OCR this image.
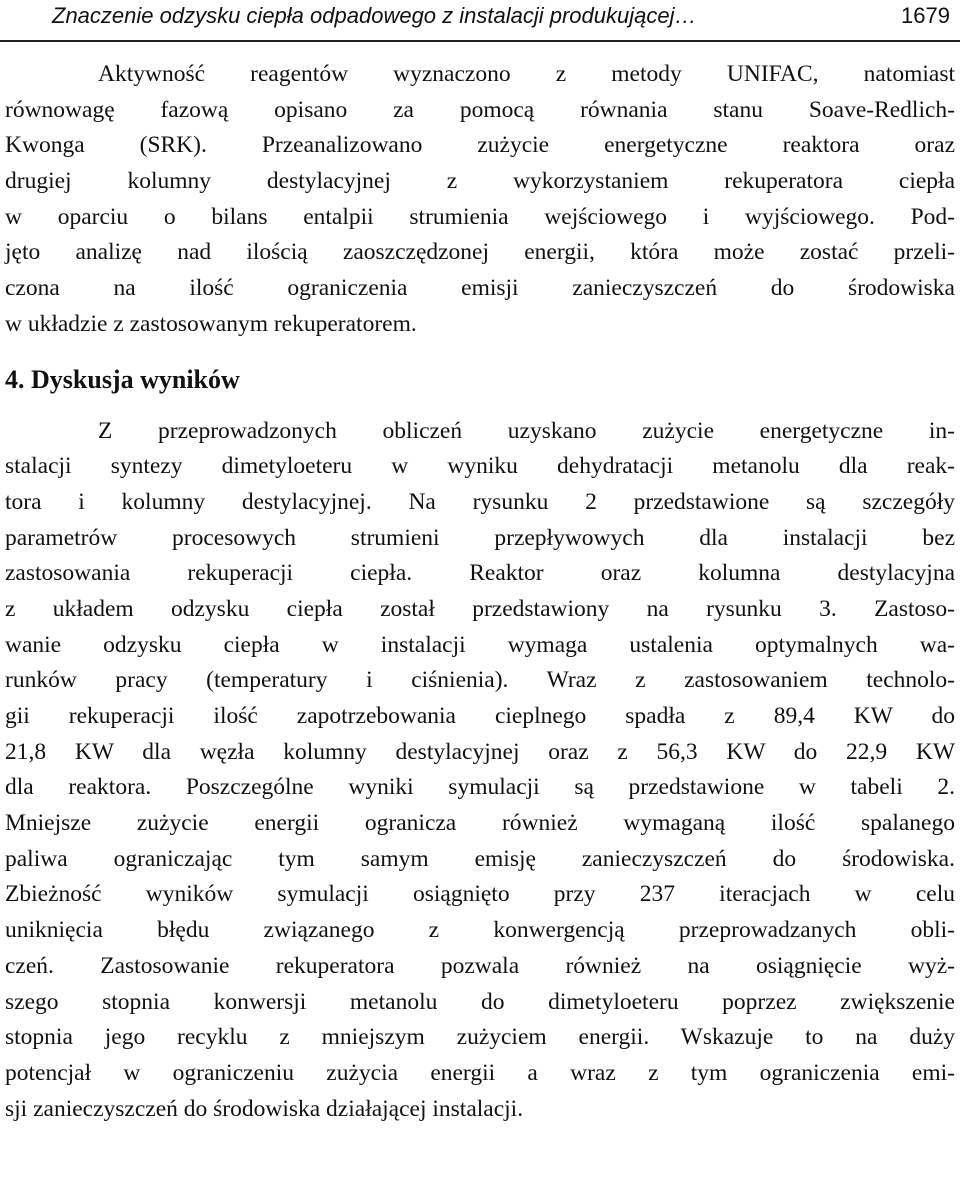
Znaczenie odzysku ciepła odpadowego z instalacji produkującej…	1679
Aktywność reagentów wyznaczono z metody UNIFAC, natomiast
równowagę fazową opisano za pomocą równania stanu Soave-Redlich-
Kwonga (SRK). Przeanalizowano zużycie energetyczne reaktora oraz
drugiej kolumny destylacyjnej z wykorzystaniem rekuperatora ciepła
w oparciu o bilans entalpii strumienia wejściowego i wyjściowego. Pod-
jęto analizę nad ilością zaoszczędzonej energii, która może zostać przeli-
czona na ilość ograniczenia emisji zanieczyszczeń do środowiska
w układzie z zastosowanym rekuperatorem.
4. Dyskusja wyników
Z przeprowadzonych obliczeń uzyskano zużycie energetyczne in-
stalacji syntezy dimetyloeteru w wyniku dehydratacji metanolu dla reak-
tora i kolumny destylacyjnej. Na rysunku 2 przedstawione są szczegóły
parametrów procesowych strumieni przepływowych dla instalacji bez
zastosowania rekuperacji ciepła. Reaktor oraz kolumna destylacyjna
z układem odzysku ciepła został przedstawiony na rysunku 3. Zastoso-
wanie odzysku ciepła w instalacji wymaga ustalenia optymalnych wa-
runków pracy (temperatury i ciśnienia). Wraz z zastosowaniem technolo-
gii rekuperacji ilość zapotrzebowania cieplnego spadła z 89,4 KW do
21,8 KW dla węzła kolumny destylacyjnej oraz z 56,3 KW do 22,9 KW
dla reaktora. Poszczególne wyniki symulacji są przedstawione w tabeli 2.
Mniejsze zużycie energii ogranicza również wymaganą ilość spalanego
paliwa ograniczając tym samym emisję zanieczyszczeń do środowiska.
Zbieżność wyników symulacji osiągnięto przy 237 iteracjach w celu
uniknięcia błędu związanego z konwergencją przeprowadzanych obli-
czeń. Zastosowanie rekuperatora pozwala również na osiągnięcie wyż-
szego stopnia konwersji metanolu do dimetyloeteru poprzez zwiększenie
stopnia jego recyklu z mniejszym zużyciem energii. Wskazuje to na duży
potencjał w ograniczeniu zużycia energii a wraz z tym ograniczenia emi-
sji zanieczyszczeń do środowiska działającej instalacji.
